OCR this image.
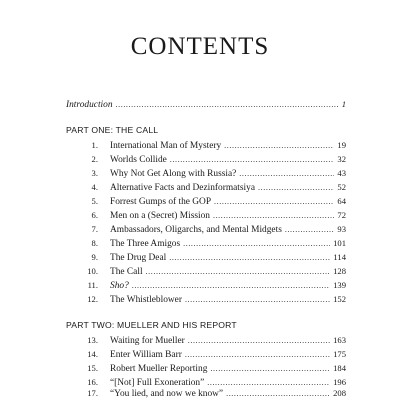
CONTENTS
Introduction .....	1
PART ONE: THE CALL
1.	International Man of Mystery .....	19
2.	Worlds Collide .....	32
3.	Why Not Get Along with Russia? .....	43
4.	Alternative Facts and Dezinformatsiya .....	52
5.	Forrest Gumps of the GOP .....	64
6.	Men on a (Secret) Mission .....	72
7.	Ambassadors, Oligarchs, and Mental Midgets .....	93
8.	The Three Amigos .....	101
9.	The Drug Deal .....	114
10.	The Call .....	128
11.	Sho? .....	139
12.	The Whistleblower .....	152
PART TWO: MUELLER AND HIS REPORT
13.	Waiting for Mueller .....	163
14.	Enter William Barr .....	175
15.	Robert Mueller Reporting .....	184
16.	“[Not] Full Exoneration” .....	196
17.	“You lied, and now we know” .....	208
